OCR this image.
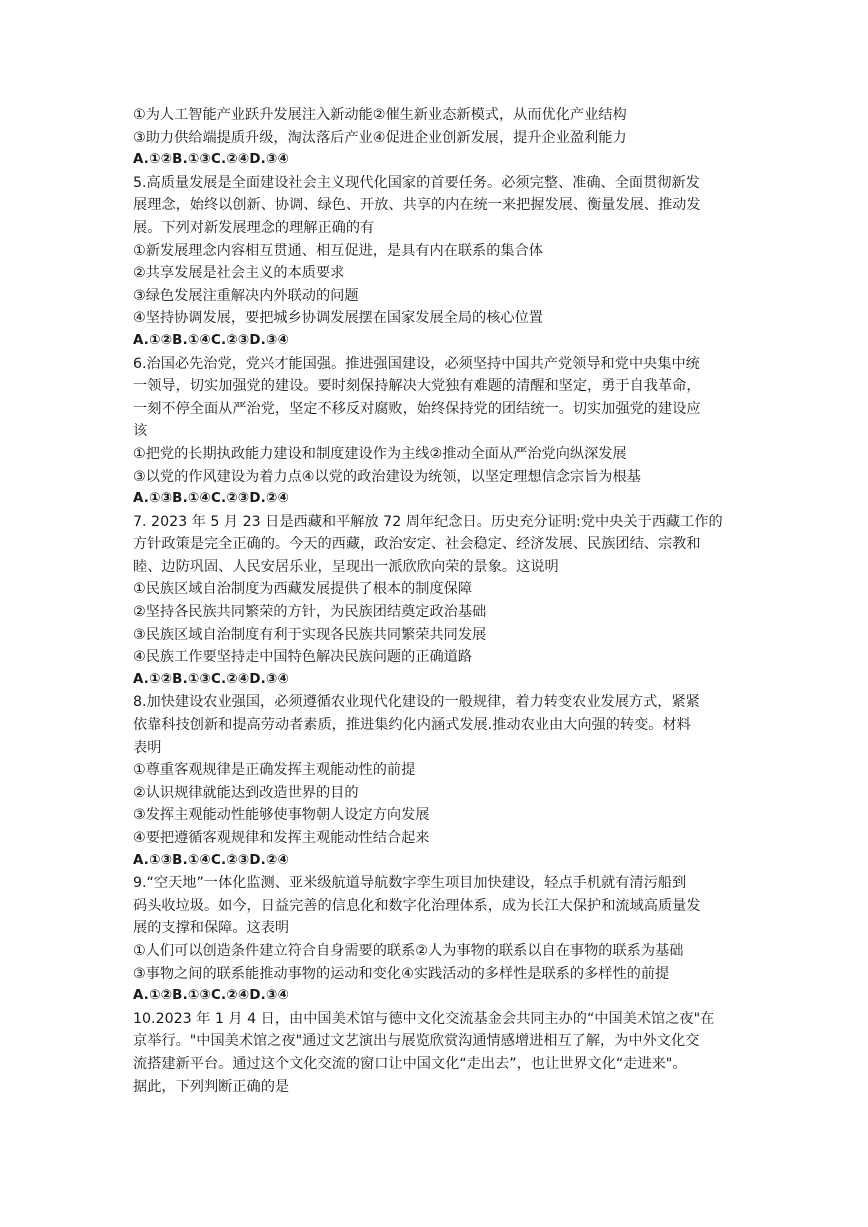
①为人工智能产业跃升发展注入新动能②催生新业态新模式，从而优化产业结构
③助力供给端提质升级，淘汰落后产业④促进企业创新发展，提升企业盈利能力
A.①②B.①③C.②④D.③④
5.高质量发展是全面建设社会主义现代化国家的首要任务。必须完整、准确、全面贯彻新发
展理念，始终以创新、协调、绿色、开放、共享的内在统一来把握发展、衡量发展、推动发
展。下列对新发展理念的理解正确的有
①新发展理念内容相互贯通、相互促进，是具有内在联系的集合体
②共享发展是社会主义的本质要求
③绿色发展注重解决内外联动的问题
④坚持协调发展，要把城乡协调发展摆在国家发展全局的核心位置
A.①②B.①④C.②③D.③④
6.治国必先治党，党兴才能国强。推进强国建设，必须坚持中国共产党领导和党中央集中统
一领导，切实加强党的建设。要时刻保持解决大党独有难题的清醒和坚定，勇于自我革命，
一刻不停全面从严治党，坚定不移反对腐败，始终保持党的团结统一。切实加强党的建设应
该
①把党的长期执政能力建设和制度建设作为主线②推动全面从严治党向纵深发展
③以党的作风建设为着力点④以党的政治建设为统领，以坚定理想信念宗旨为根基
A.①③B.①④C.②③D.②④
7. 2023 年 5 月 23 日是西藏和平解放 72 周年纪念日。历史充分证明:党中央关于西藏工作的
方针政策是完全正确的。今天的西藏，政治安定、社会稳定、经济发展、民族团结、宗教和
睦、边防巩固、人民安居乐业，呈现出一派欣欣向荣的景象。这说明
①民族区域自治制度为西藏发展提供了根本的制度保障
②坚持各民族共同繁荣的方针，为民族团结奠定政治基础
③民族区域自治制度有利于实现各民族共同繁荣共同发展
④民族工作要坚持走中国特色解决民族问题的正确道路
A.①②B.①③C.②④D.③④
8.加快建设农业强国，必须遵循农业现代化建设的一般规律，着力转变农业发展方式，紧紧
依靠科技创新和提高劳动者素质，推进集约化内涵式发展.推动农业由大向强的转变。材料
表明
①尊重客观规律是正确发挥主观能动性的前提
②认识规律就能达到改造世界的目的
③发挥主观能动性能够使事物朝人设定方向发展
④要把遵循客观规律和发挥主观能动性结合起来
A.①③B.①④C.②③D.②④
9.“空天地”一体化监测、亚米级航道导航数字孪生项目加快建设，轻点手机就有清污船到
码头收垃圾。如今，日益完善的信息化和数字化治理体系，成为长江大保护和流域高质量发
展的支撑和保障。这表明
①人们可以创造条件建立符合自身需要的联系②人为事物的联系以自在事物的联系为基础
③事物之间的联系能推动事物的运动和变化④实践活动的多样性是联系的多样性的前提
A.①②B.①③C.②④D.③④
10.2023 年 1 月 4 日，由中国美术馆与德中文化交流基金会共同主办的“中国美术馆之夜"在
京举行。"中国美术馆之夜"通过文艺演出与展览欣赏沟通情感增进相互了解，为中外文化交
流搭建新平台。通过这个文化交流的窗口让中国文化“走出去”，也让世界文化“走进来"。
据此，下列判断正确的是
